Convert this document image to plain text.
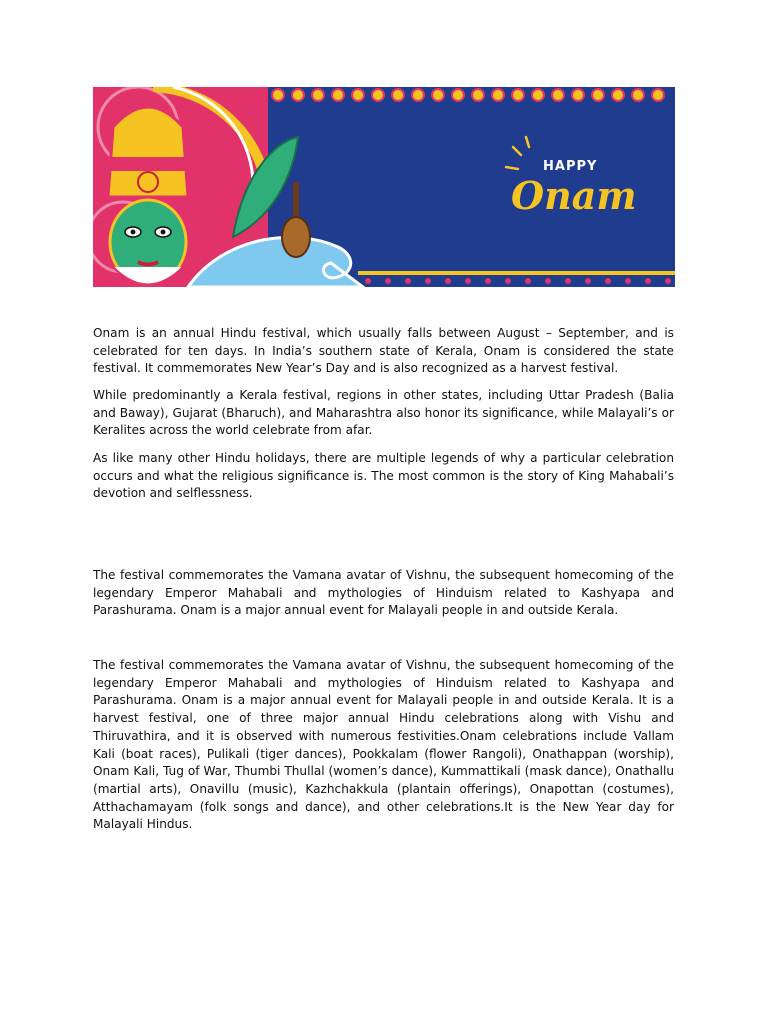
HAPPY
Onam

Onam is an annual Hindu festival, which usually falls between August – September, and is celebrated for ten days. In India’s southern state of Kerala, Onam is considered the state festival. It commemorates New Year’s Day and is also recognized as a harvest festival.

While predominantly a Kerala festival, regions in other states, including Uttar Pradesh (Balia and Baway), Gujarat (Bharuch), and Maharashtra also honor its significance, while Malayali’s or Keralites across the world celebrate from afar.

As like many other Hindu holidays, there are multiple legends of why a particular celebration occurs and what the religious significance is. The most common is the story of King Mahabali’s devotion and selflessness.

The festival commemorates the Vamana avatar of Vishnu, the subsequent homecoming of the legendary Emperor Mahabali and mythologies of Hinduism related to Kashyapa and Parashurama. Onam is a major annual event for Malayali people in and outside Kerala.

The festival commemorates the Vamana avatar of Vishnu, the subsequent homecoming of the legendary Emperor Mahabali and mythologies of Hinduism related to Kashyapa and Parashurama. Onam is a major annual event for Malayali people in and outside Kerala. It is a harvest festival, one of three major annual Hindu celebrations along with Vishu and Thiruvathira, and it is observed with numerous festivities.Onam celebrations include Vallam Kali (boat races), Pulikali (tiger dances), Pookkalam (flower Rangoli), Onathappan (worship), Onam Kali, Tug of War, Thumbi Thullal (women’s dance), Kummattikali (mask dance), Onathallu (martial arts), Onavillu (music), Kazhchakkula (plantain offerings), Onapottan (costumes), Atthachamayam (folk songs and dance), and other celebrations.It is the New Year day for Malayali Hindus.
